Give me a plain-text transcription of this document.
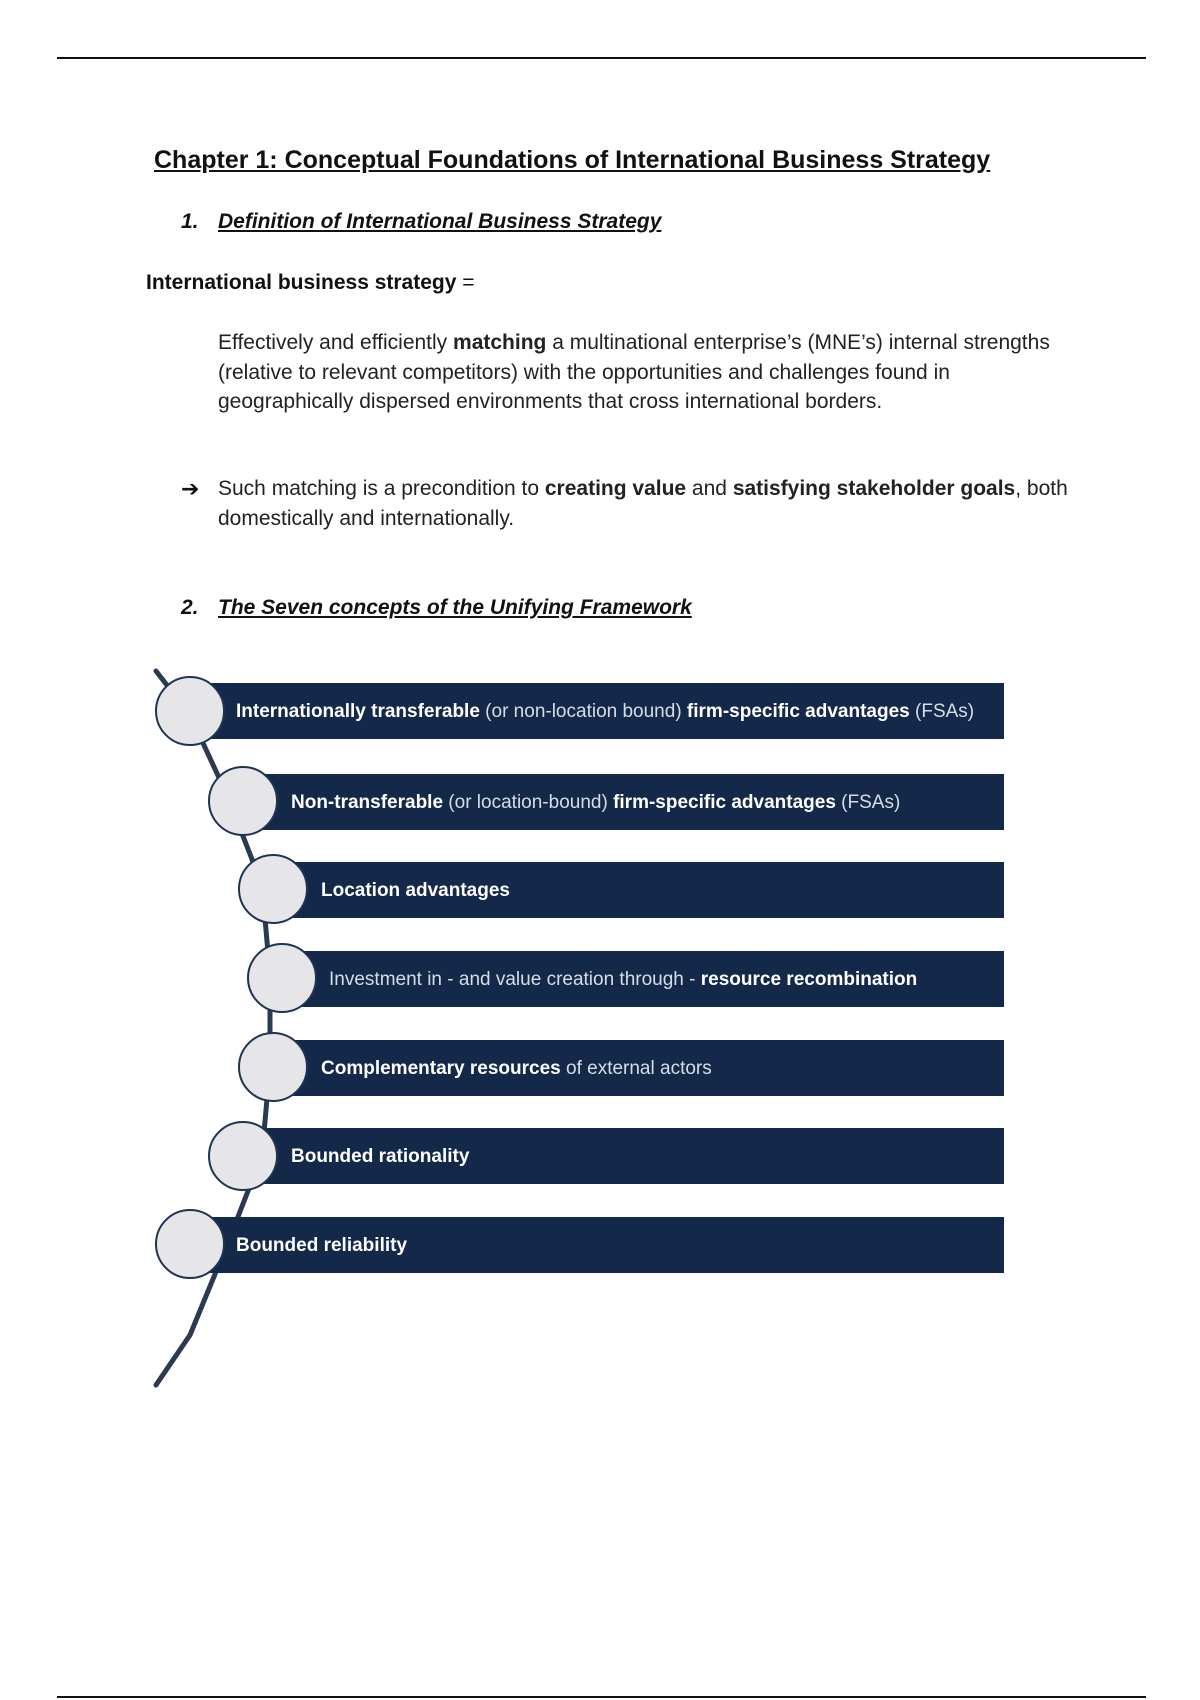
Chapter 1: Conceptual Foundations of International Business Strategy
1. Definition of International Business Strategy

International business strategy =

Effectively and efficiently matching a multinational enterprise’s (MNE’s) internal strengths (relative to relevant competitors) with the opportunities and challenges found in geographically dispersed environments that cross international borders.

➔ Such matching is a precondition to creating value and satisfying stakeholder goals, both domestically and internationally.

2. The Seven concepts of the Unifying Framework
Internationally transferable (or non-location bound) firm-specific advantages (FSAs)
Non-transferable (or location-bound) firm-specific advantages (FSAs)
Location advantages
Investment in - and value creation through - resource recombination
Complementary resources of external actors
Bounded rationality
Bounded reliability
